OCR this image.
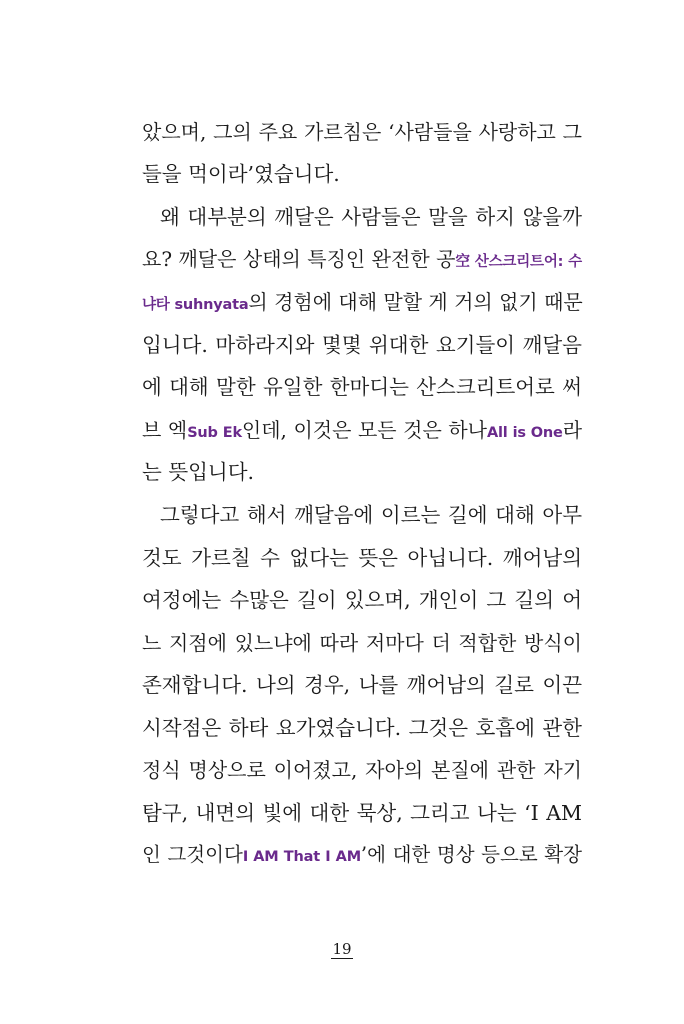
았으며, 그의 주요 가르침은 ‘사람들을 사랑하고 그
들을 먹이라’였습니다.
왜 대부분의 깨달은 사람들은 말을 하지 않을까
요? 깨달은 상태의 특징인 완전한 공空 산스크리트어: 수
냐타 suhnyata의 경험에 대해 말할 게 거의 없기 때문
입니다. 마하라지와 몇몇 위대한 요기들이 깨달음
에 대해 말한 유일한 한마디는 산스크리트어로 써
브 엑Sub Ek인데, 이것은 모든 것은 하나All is One라
는 뜻입니다.
그렇다고 해서 깨달음에 이르는 길에 대해 아무
것도 가르칠 수 없다는 뜻은 아닙니다. 깨어남의
여정에는 수많은 길이 있으며, 개인이 그 길의 어
느 지점에 있느냐에 따라 저마다 더 적합한 방식이
존재합니다. 나의 경우, 나를 깨어남의 길로 이끈
시작점은 하타 요가였습니다. 그것은 호흡에 관한
정식 명상으로 이어졌고, 자아의 본질에 관한 자기
탐구, 내면의 빛에 대한 묵상, 그리고 나는 ‘I AM
인 그것이다I AM That I AM’에 대한 명상 등으로 확장
19
